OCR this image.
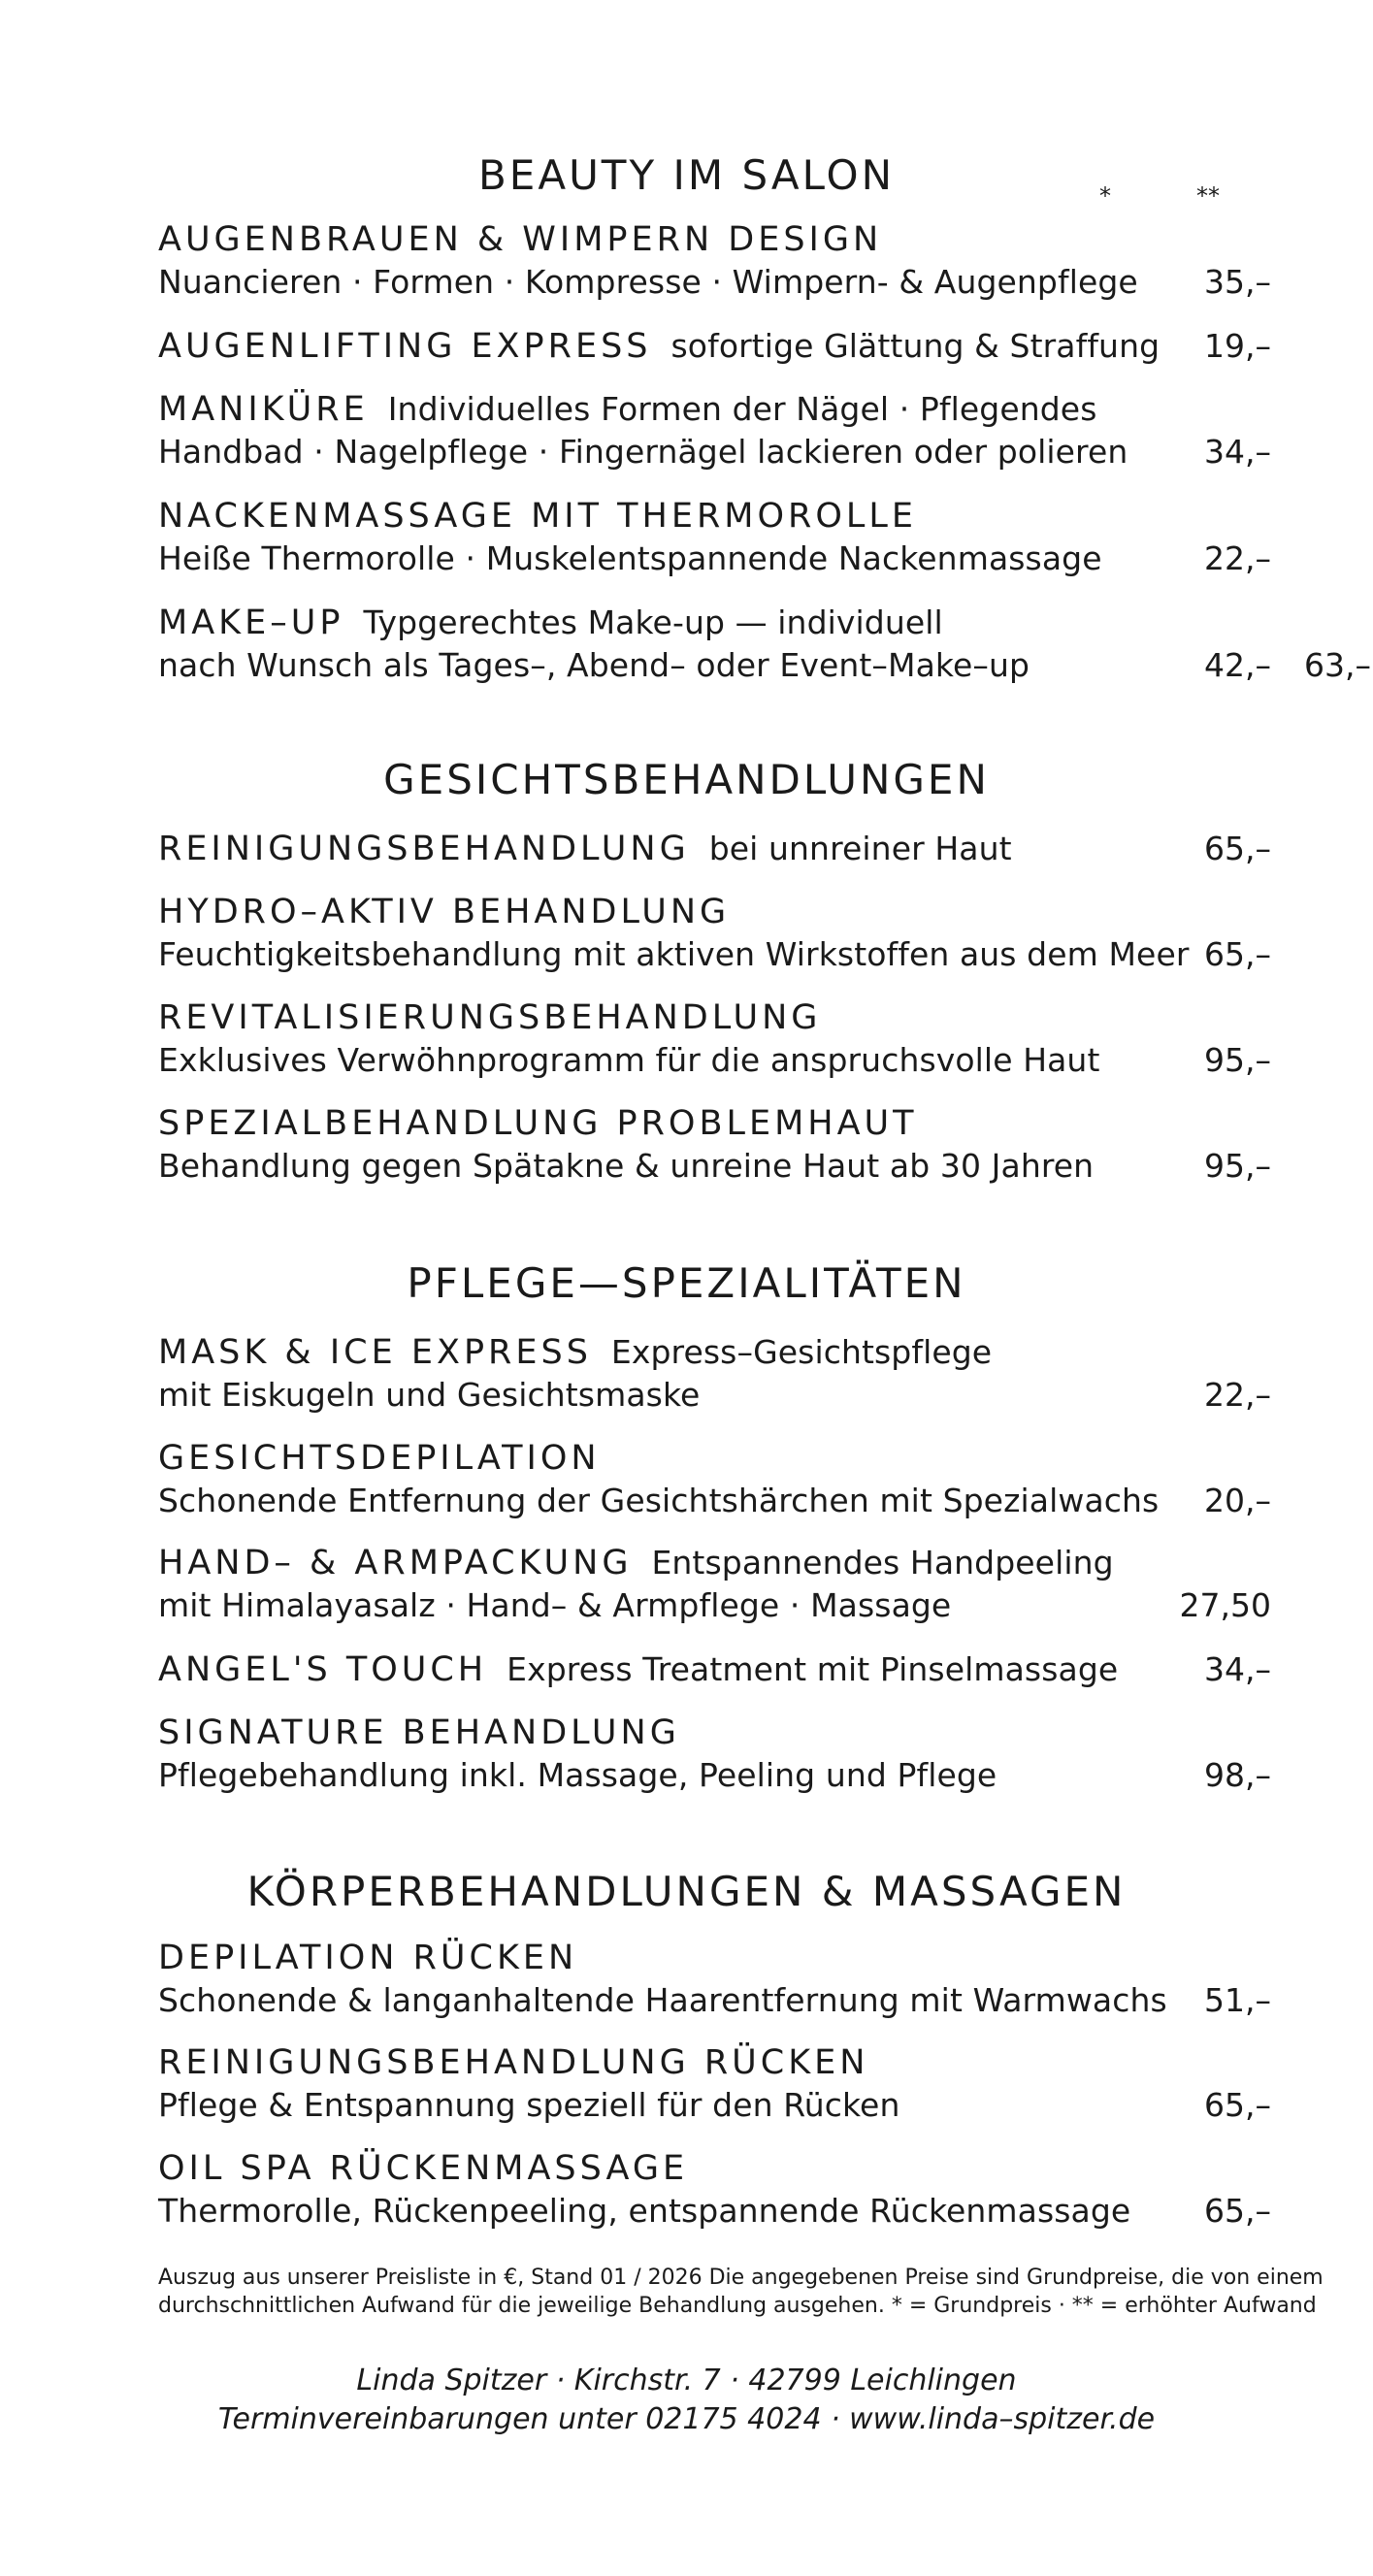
*	**
BEAUTY IM SALON
AUGENBRAUEN & WIMPERN DESIGN
Nuancieren · Formen · Kompresse · Wimpern- & Augenpflege	35,–
AUGENLIFTING EXPRESS sofortige Glättung & Straffung	19,–
MANIKÜRE Individuelles Formen der Nägel · Pflegendes
Handbad · Nagelpflege · Fingernägel lackieren oder polieren	34,–
NACKENMASSAGE MIT THERMOROLLE
Heiße Thermorolle · Muskelentspannende Nackenmassage	22,–
MAKE–UP Typgerechtes Make-up — individuell
nach Wunsch als Tages–, Abend– oder Event–Make–up	42,–	63,–
GESICHTSBEHANDLUNGEN
REINIGUNGSBEHANDLUNG bei unnreiner Haut	65,–
HYDRO–AKTIV BEHANDLUNG
Feuchtigkeitsbehandlung mit aktiven Wirkstoffen aus dem Meer 65,–
REVITALISIERUNGSBEHANDLUNG
Exklusives Verwöhnprogramm für die anspruchsvolle Haut	95,–
SPEZIALBEHANDLUNG PROBLEMHAUT
Behandlung gegen Spätakne & unreine Haut ab 30 Jahren	95,–
PFLEGE—SPEZIALITÄTEN
MASK & ICE EXPRESS Express–Gesichtspflege
mit Eiskugeln und Gesichtsmaske	22,–
GESICHTSDEPILATION
Schonende Entfernung der Gesichtshärchen mit Spezialwachs	20,–
HAND– & ARMPACKUNG Entspannendes Handpeeling
mit Himalayasalz · Hand– & Armpflege · Massage	27,50
ANGEL'S TOUCH Express Treatment mit Pinselmassage	34,–
SIGNATURE BEHANDLUNG
Pflegebehandlung inkl. Massage, Peeling und Pflege	98,–
KÖRPERBEHANDLUNGEN & MASSAGEN
DEPILATION RÜCKEN
Schonende & langanhaltende Haarentfernung mit Warmwachs	51,–
REINIGUNGSBEHANDLUNG RÜCKEN
Pflege & Entspannung speziell für den Rücken	65,–
OIL SPA RÜCKENMASSAGE
Thermorolle, Rückenpeeling, entspannende Rückenmassage	65,–
Auszug aus unserer Preisliste in €, Stand 01 / 2026 Die angegebenen Preise sind Grundpreise, die von einem
durchschnittlichen Aufwand für die jeweilige Behandlung ausgehen. * = Grundpreis · ** = erhöhter Aufwand
Linda Spitzer · Kirchstr. 7 · 42799 Leichlingen
Terminvereinbarungen unter 02175 4024 · www.linda–spitzer.de
